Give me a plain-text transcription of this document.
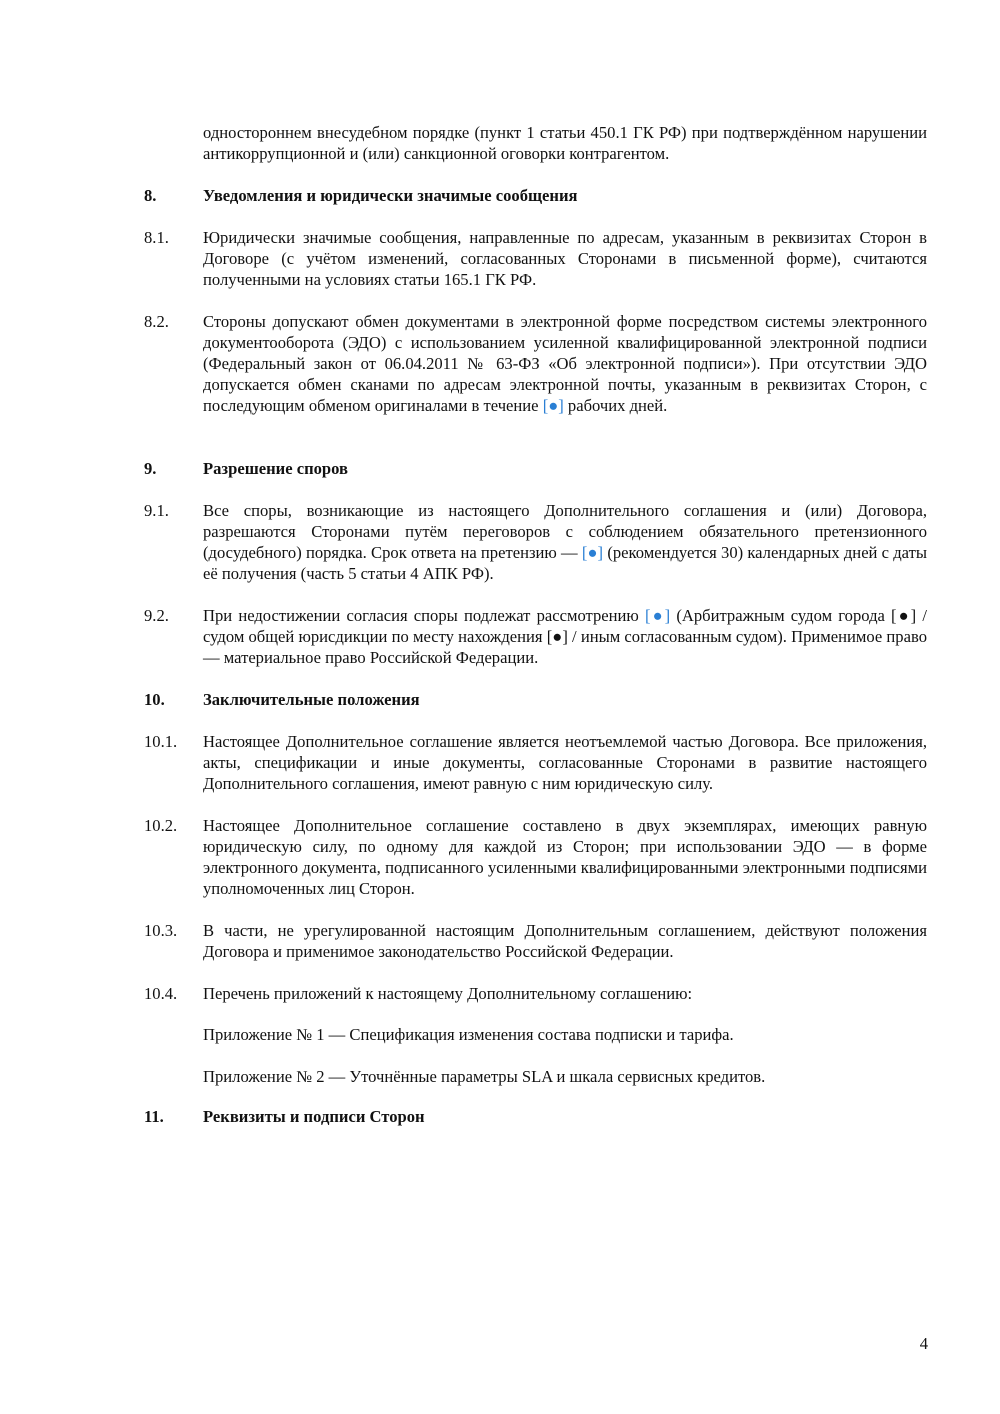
одностороннем внесудебном порядке (пункт 1 статьи 450.1 ГК РФ) при подтверждённом нарушении антикоррупционной и (или) санкционной оговорки контрагентом.
8.	Уведомления и юридически значимые сообщения
8.1.	Юридически значимые сообщения, направленные по адресам, указанным в реквизитах Сторон в Договоре (с учётом изменений, согласованных Сторонами в письменной форме), считаются полученными на условиях статьи 165.1 ГК РФ.
8.2.	Стороны допускают обмен документами в электронной форме посредством системы электронного документооборота (ЭДО) с использованием усиленной квалифицированной электронной подписи (Федеральный закон от 06.04.2011 № 63-ФЗ «Об электронной подписи»). При отсутствии ЭДО допускается обмен сканами по адресам электронной почты, указанным в реквизитах Сторон, с последующим обменом оригиналами в течение [●] рабочих дней.
9.	Разрешение споров
9.1.	Все споры, возникающие из настоящего Дополнительного соглашения и (или) Договора, разрешаются Сторонами путём переговоров с соблюдением обязательного претензионного (досудебного) порядка. Срок ответа на претензию — [●] (рекомендуется 30) календарных дней с даты её получения (часть 5 статьи 4 АПК РФ).
9.2.	При недостижении согласия споры подлежат рассмотрению [●] (Арбитражным судом города [●] / судом общей юрисдикции по месту нахождения [●] / иным согласованным судом). Применимое право — материальное право Российской Федерации.
10.	Заключительные положения
10.1.	Настоящее Дополнительное соглашение является неотъемлемой частью Договора. Все приложения, акты, спецификации и иные документы, согласованные Сторонами в развитие настоящего Дополнительного соглашения, имеют равную с ним юридическую силу.
10.2.	Настоящее Дополнительное соглашение составлено в двух экземплярах, имеющих равную юридическую силу, по одному для каждой из Сторон; при использовании ЭДО — в форме электронного документа, подписанного усиленными квалифицированными электронными подписями уполномоченных лиц Сторон.
10.3.	В части, не урегулированной настоящим Дополнительным соглашением, действуют положения Договора и применимое законодательство Российской Федерации.
10.4.	Перечень приложений к настоящему Дополнительному соглашению:
Приложение № 1 — Спецификация изменения состава подписки и тарифа.
Приложение № 2 — Уточнённые параметры SLA и шкала сервисных кредитов.
11.	Реквизиты и подписи Сторон
4
